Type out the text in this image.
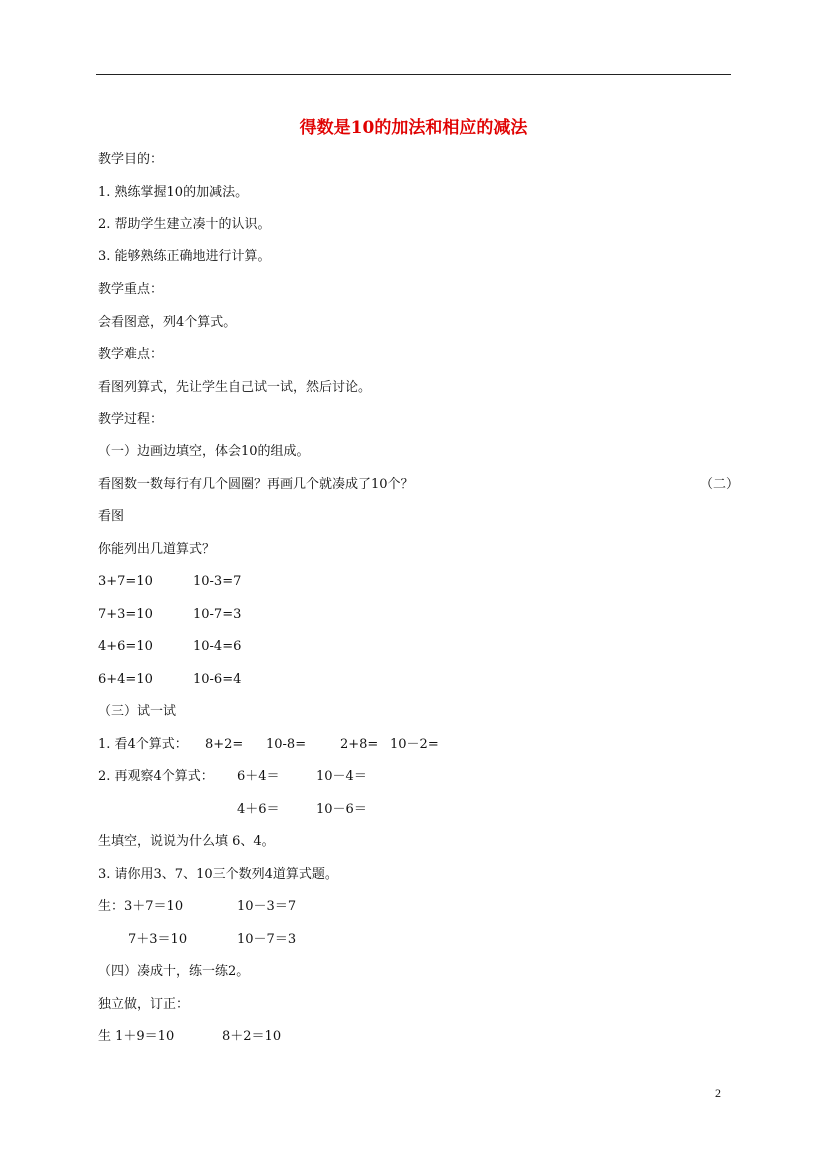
得数是10的加法和相应的减法
教学目的：
1. 熟练掌握10的加减法。
2. 帮助学生建立凑十的认识。
3. 能够熟练正确地进行计算。
教学重点：
会看图意，列4个算式。
教学难点：
看图列算式，先让学生自己试一试，然后讨论。
教学过程：
（一）边画边填空，体会10的组成。
看图数一数每行有几个圆圈？再画几个就凑成了10个？	（二）
看图
你能列出几道算式？
3+7=10	10-3=7
7+3=10	10-7=3
4+6=10	10-4=6
6+4=10	10-6=4
（三）试一试
1. 看4个算式： 8+2= 10-8=	2+8= 10－2=
2. 再观察4个算式： 6＋4＝	10－4＝
4＋6＝	10－6＝
生填空，说说为什么填 6、4。
3. 请你用3、7、10三个数列4道算式题。
生：3＋7＝10	10－3＝7
7＋3＝10	10－7＝3
（四）凑成十，练一练2。
独立做，订正：
生 1＋9＝10	8＋2＝10
2
